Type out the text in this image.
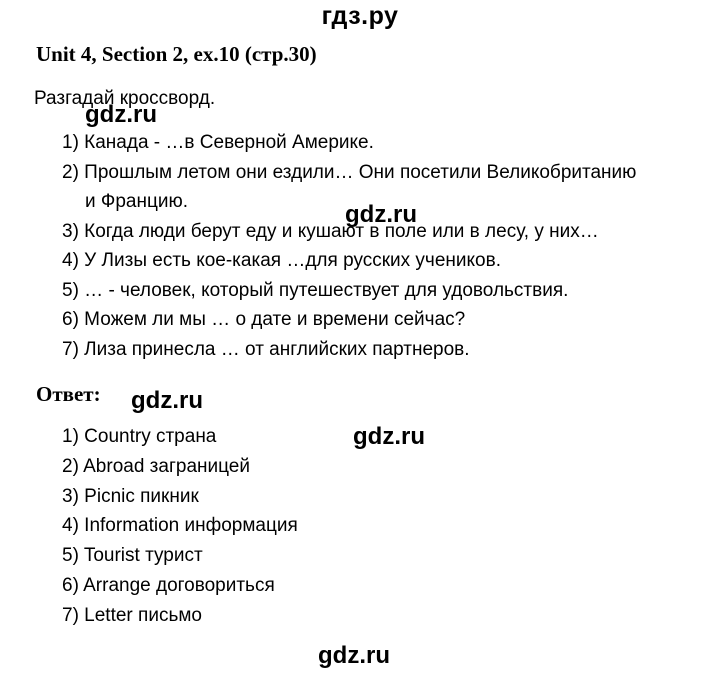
гдз.ру
Unit 4, Section 2, ex.10 (стр.30)
Разгадай кроссворд.
1) Канада - …в Северной Америке.
2) Прошлым летом они ездили… Они посетили Великобританию
и Францию.
3) Когда люди берут еду и кушают в поле или в лесу, у них…
4) У Лизы есть кое-какая …для русских учеников.
5) … - человек, который путешествует для удовольствия.
6) Можем ли мы … о дате и времени сейчас?
7) Лиза принесла … от английских партнеров.
Ответ:
1) Country страна
2) Abroad заграницей
3) Picnic пикник
4) Information информация
5) Tourist турист
6) Arrange договориться
7) Letter письмо
gdz.ru
gdz.ru
gdz.ru
gdz.ru
gdz.ru
